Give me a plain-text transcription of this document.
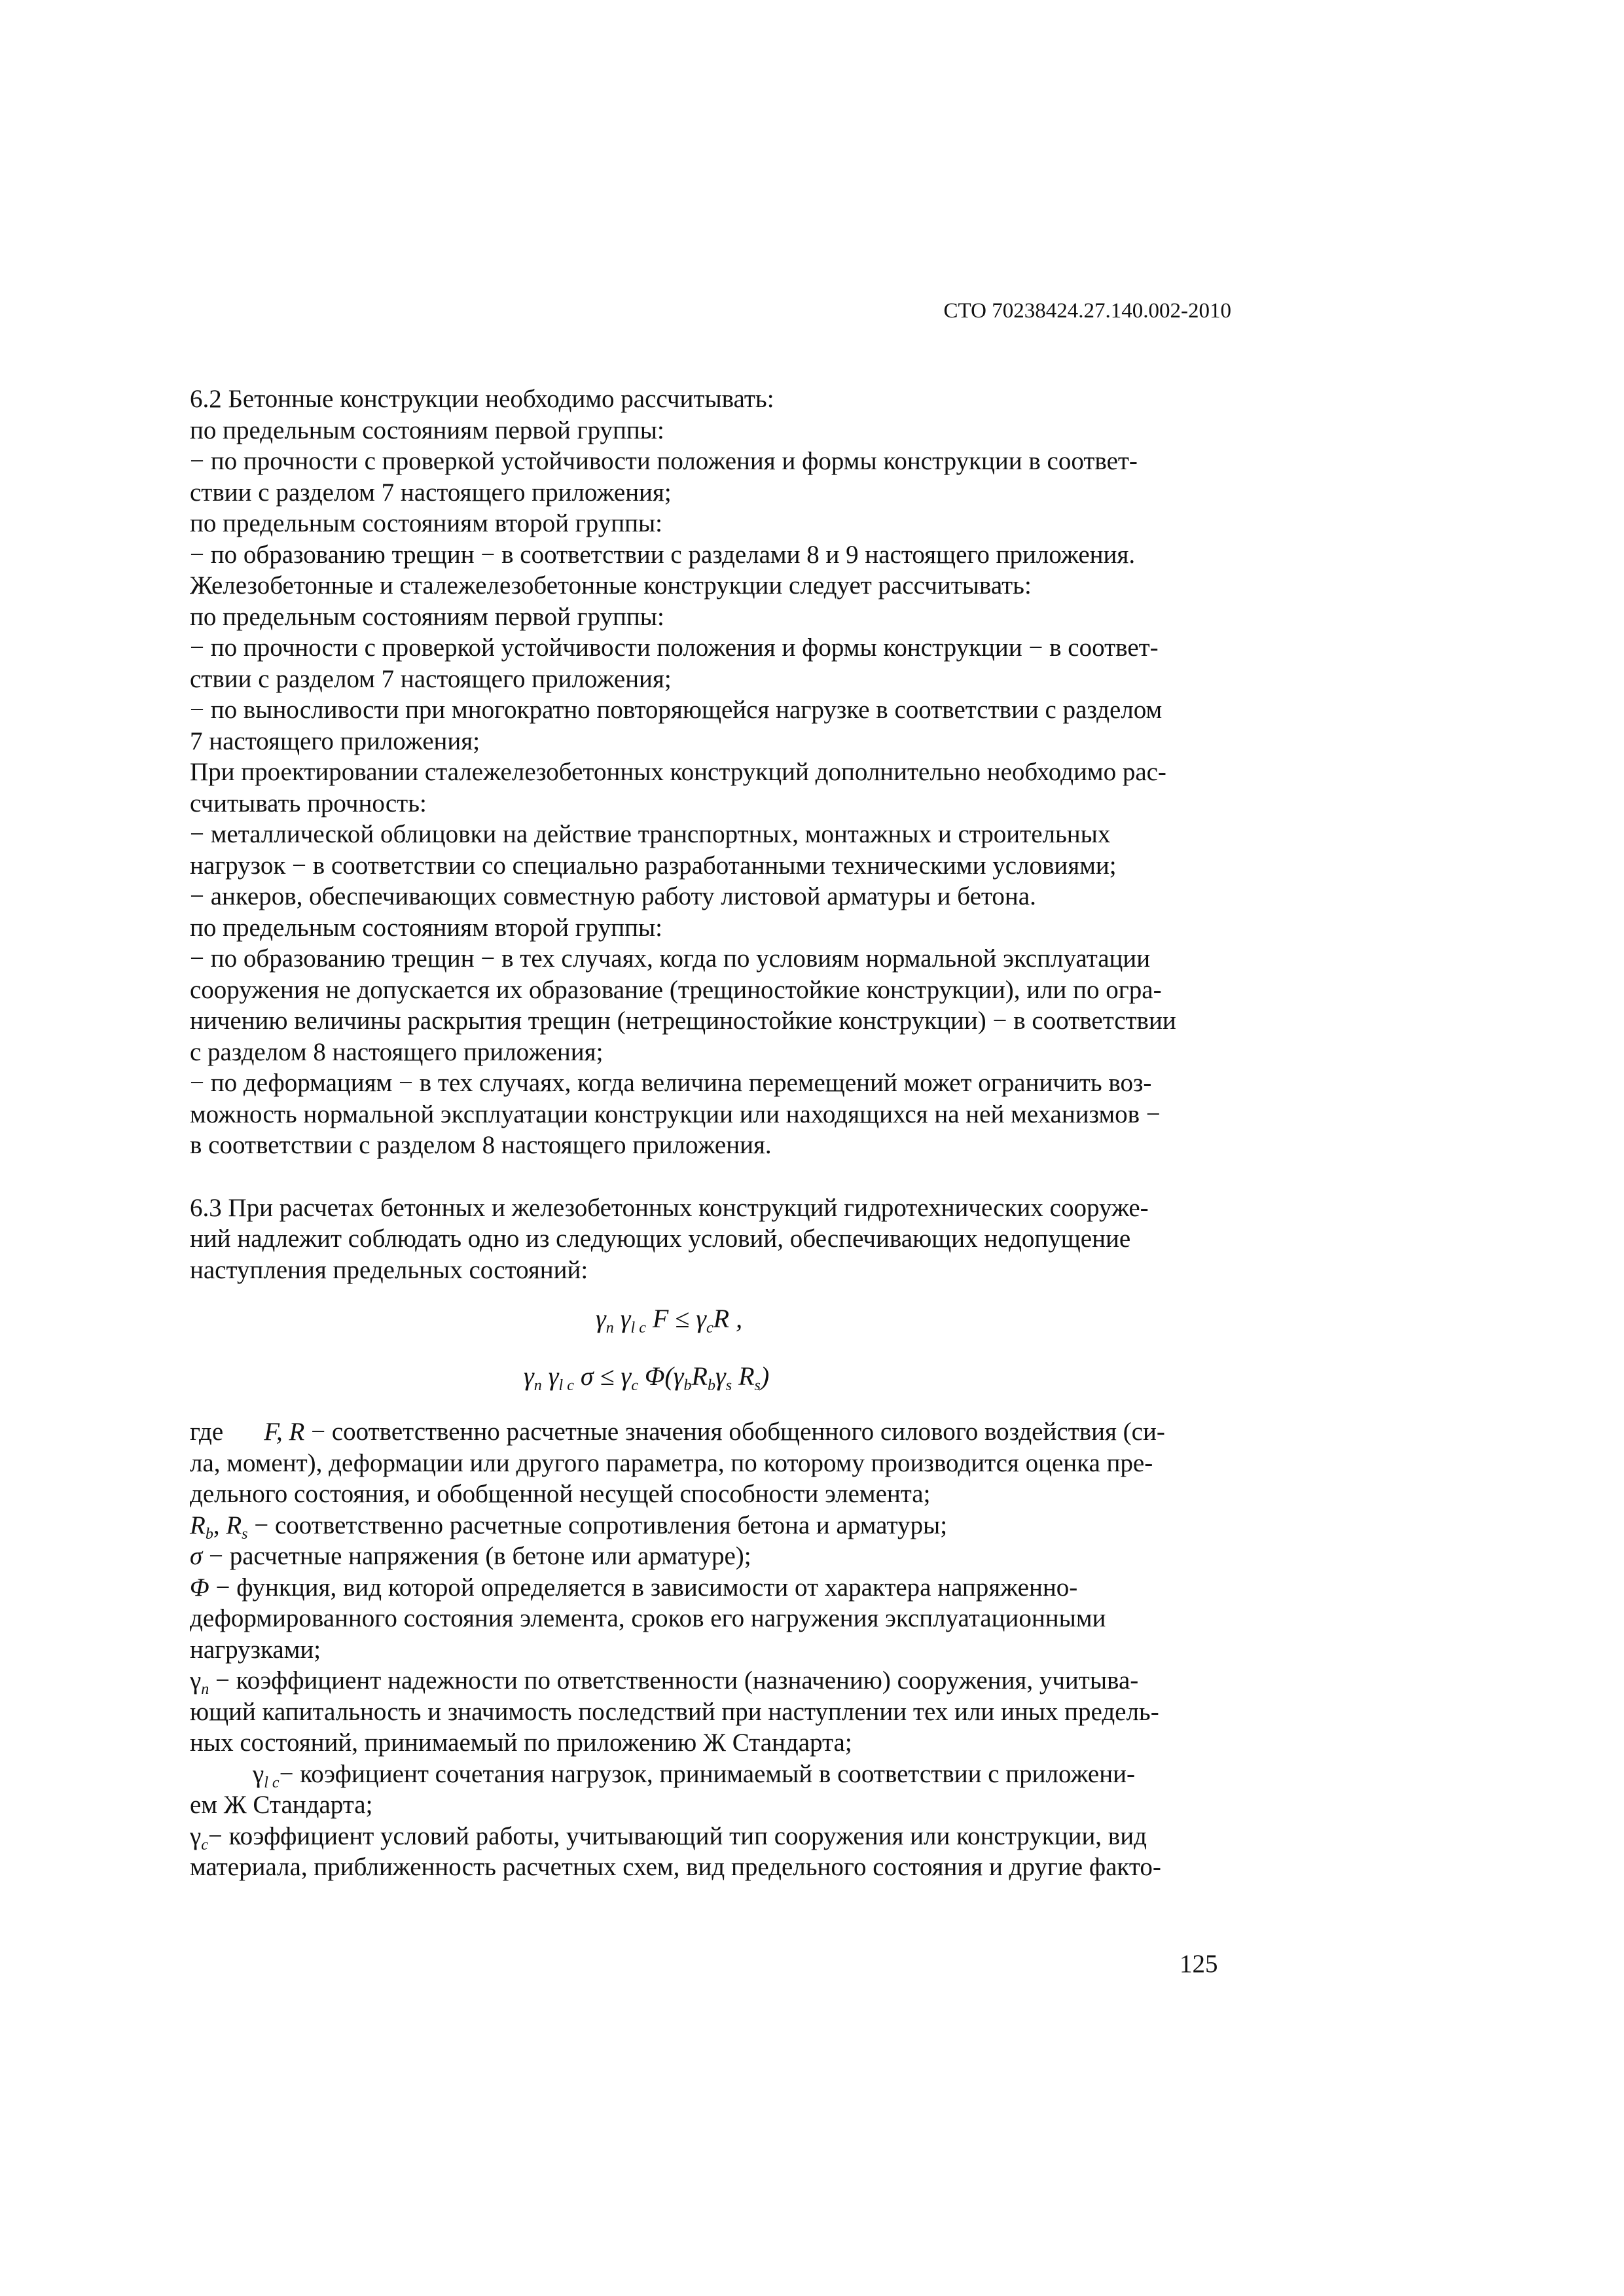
СТО 70238424.27.140.002-2010
6.2 Бетонные конструкции необходимо рассчитывать:
по предельным состояниям первой группы:
− по прочности с проверкой устойчивости положения и формы конструкции в соответ-
ствии с разделом 7 настоящего приложения;
по предельным состояниям второй группы:
− по образованию трещин − в соответствии с разделами 8 и 9 настоящего приложения.
Железобетонные и сталежелезобетонные конструкции следует рассчитывать:
по предельным состояниям первой группы:
− по прочности с проверкой устойчивости положения и формы конструкции − в соответ-
ствии с разделом 7 настоящего приложения;
− по выносливости при многократно повторяющейся нагрузке в соответствии с разделом
7 настоящего приложения;
При проектировании сталежелезобетонных конструкций дополнительно необходимо рас-
считывать прочность:
− металлической облицовки на действие транспортных, монтажных и строительных
нагрузок − в соответствии со специально разработанными техническими условиями;
− анкеров, обеспечивающих совместную работу листовой арматуры и бетона.
по предельным состояниям второй группы:
− по образованию трещин − в тех случаях, когда по условиям нормальной эксплуатации
сооружения не допускается их образование (трещиностойкие конструкции), или по огра-
ничению величины раскрытия трещин (нетрещиностойкие конструкции) − в соответствии
с разделом 8 настоящего приложения;
− по деформациям − в тех случаях, когда величина перемещений может ограничить воз-
можность нормальной эксплуатации конструкции или находящихся на ней механизмов −
в соответствии с разделом 8 настоящего приложения.
6.3 При расчетах бетонных и железобетонных конструкций гидротехнических сооруже-
ний надлежит соблюдать одно из следующих условий, обеспечивающих недопущение
наступления предельных состояний:
$\gamma_n$ $\gamma_{l c}$ $F \le \gamma_cR$ ,
$\gamma_n$ $\gamma_{l c}$ $\sigma \le \gamma_c$ $\Phi(\gamma_bR_b\gamma_s$ $R_s$)
где F, R − соответственно расчетные значения обобщенного силового воздействия (си-
ла, момент), деформации или другого параметра, по которому производится оценка пре-
дельного состояния, и обобщенной несущей способности элемента;
$R_b$, $R_s$ − соответственно расчетные сопротивления бетона и арматуры;
σ − расчетные напряжения (в бетоне или арматуре);
Φ − функция, вид которой определяется в зависимости от характера напряженно-
деформированного состояния элемента, сроков его нагружения эксплуатационными
нагрузками;
$\gamma_n$ − коэффициент надежности по ответственности (назначению) сооружения, учитыва-
ющий капитальность и значимость последствий при наступлении тех или иных предель-
ных состояний, принимаемый по приложению Ж Стандарта;
$\gamma_{l c}-$ коэфициент сочетания нагрузок, принимаемый в соответствии с приложени-
ем Ж Стандарта;
$\gamma_c-$ коэффициент условий работы, учитывающий тип сооружения или конструкции, вид
материала, приближенность расчетных схем, вид предельного состояния и другие факто-
125
